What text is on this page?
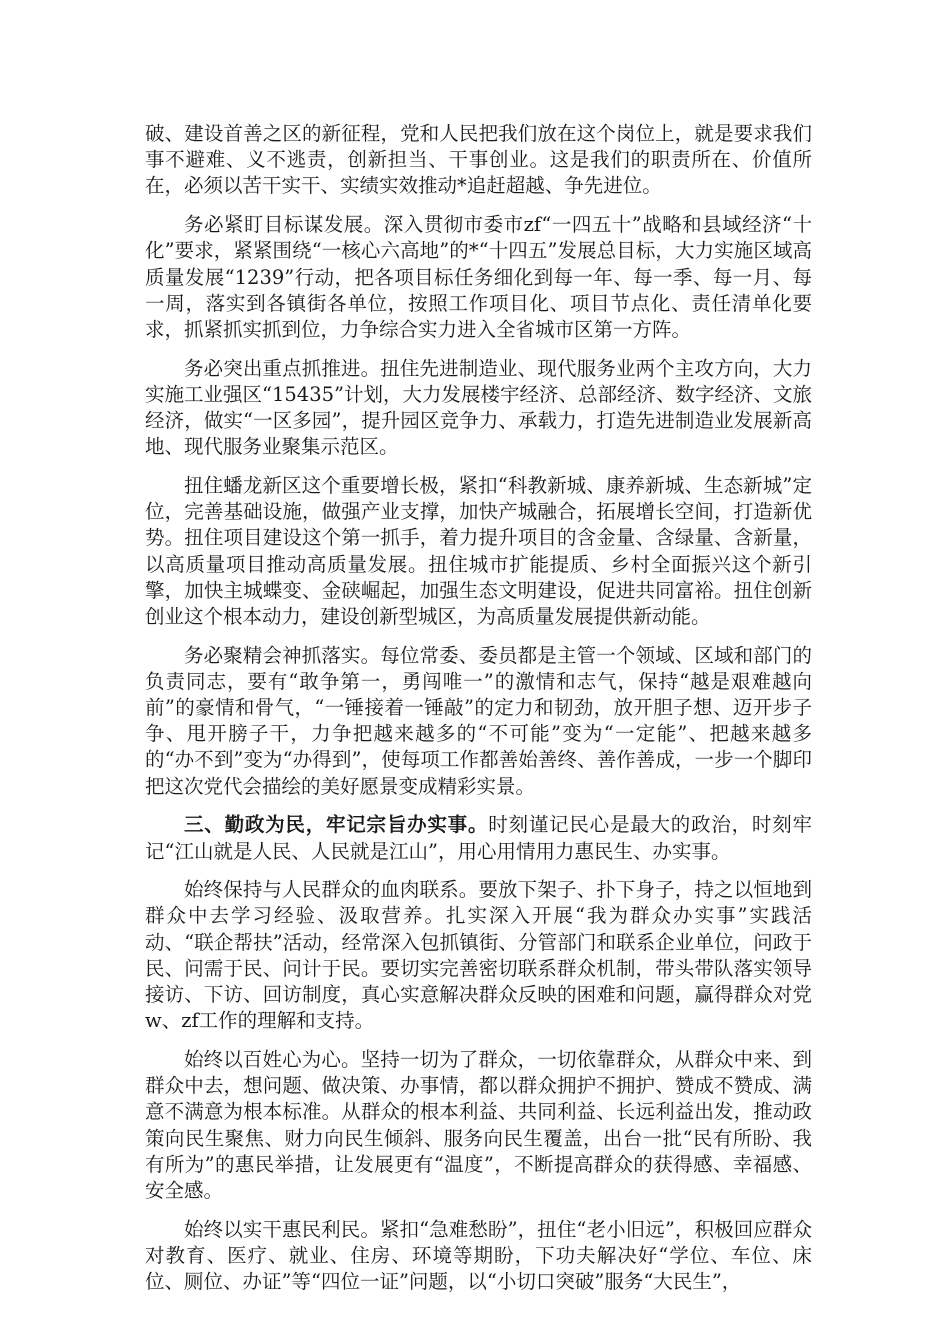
破、建设首善之区的新征程，党和人民把我们放在这个岗位上，就是要求我们事不避难、义不逃责，创新担当、干事创业。这是我们的职责所在、价值所在，必须以苦干实干、实绩实效推动*追赶超越、争先进位。

务必紧盯目标谋发展。深入贯彻市委市zf“一四五十”战略和县域经济“十化”要求，紧紧围绕“一核心六高地”的*“十四五”发展总目标，大力实施区域高质量发展“1239”行动，把各项目标任务细化到每一年、每一季、每一月、每一周，落实到各镇街各单位，按照工作项目化、项目节点化、责任清单化要求，抓紧抓实抓到位，力争综合实力进入全省城市区第一方阵。

务必突出重点抓推进。扭住先进制造业、现代服务业两个主攻方向，大力实施工业强区“15435”计划，大力发展楼宇经济、总部经济、数字经济、文旅经济，做实“一区多园”，提升园区竞争力、承载力，打造先进制造业发展新高地、现代服务业聚集示范区。

扭住蟠龙新区这个重要增长极，紧扣“科教新城、康养新城、生态新城”定位，完善基础设施，做强产业支撑，加快产城融合，拓展增长空间，打造新优势。扭住项目建设这个第一抓手，着力提升项目的含金量、含绿量、含新量，以高质量项目推动高质量发展。扭住城市扩能提质、乡村全面振兴这个新引擎，加快主城蝶变、金硖崛起，加强生态文明建设，促进共同富裕。扭住创新创业这个根本动力，建设创新型城区，为高质量发展提供新动能。

务必聚精会神抓落实。每位常委、委员都是主管一个领域、区域和部门的负责同志，要有“敢争第一，勇闯唯一”的激情和志气，保持“越是艰难越向前”的豪情和骨气，“一锤接着一锤敲”的定力和韧劲，放开胆子想、迈开步子争、甩开膀子干，力争把越来越多的“不可能”变为“一定能”、把越来越多的“办不到”变为“办得到”，使每项工作都善始善终、善作善成，一步一个脚印把这次党代会描绘的美好愿景变成精彩实景。

三、勤政为民，牢记宗旨办实事。时刻谨记民心是最大的政治，时刻牢记“江山就是人民、人民就是江山”，用心用情用力惠民生、办实事。

始终保持与人民群众的血肉联系。要放下架子、扑下身子，持之以恒地到群众中去学习经验、汲取营养。扎实深入开展“我为群众办实事”实践活动、“联企帮扶”活动，经常深入包抓镇街、分管部门和联系企业单位，问政于民、问需于民、问计于民。要切实完善密切联系群众机制，带头带队落实领导接访、下访、回访制度，真心实意解决群众反映的困难和问题，赢得群众对党w、zf工作的理解和支持。

始终以百姓心为心。坚持一切为了群众，一切依靠群众，从群众中来、到群众中去，想问题、做决策、办事情，都以群众拥护不拥护、赞成不赞成、满意不满意为根本标准。从群众的根本利益、共同利益、长远利益出发，推动政策向民生聚焦、财力向民生倾斜、服务向民生覆盖，出台一批“民有所盼、我有所为”的惠民举措，让发展更有“温度”，不断提高群众的获得感、幸福感、安全感。

始终以实干惠民利民。紧扣“急难愁盼”，扭住“老小旧远”，积极回应群众对教育、医疗、就业、住房、环境等期盼，下功夫解决好“学位、车位、床位、厕位、办证”等“四位一证”问题，以“小切口突破”服务“大民生”，
